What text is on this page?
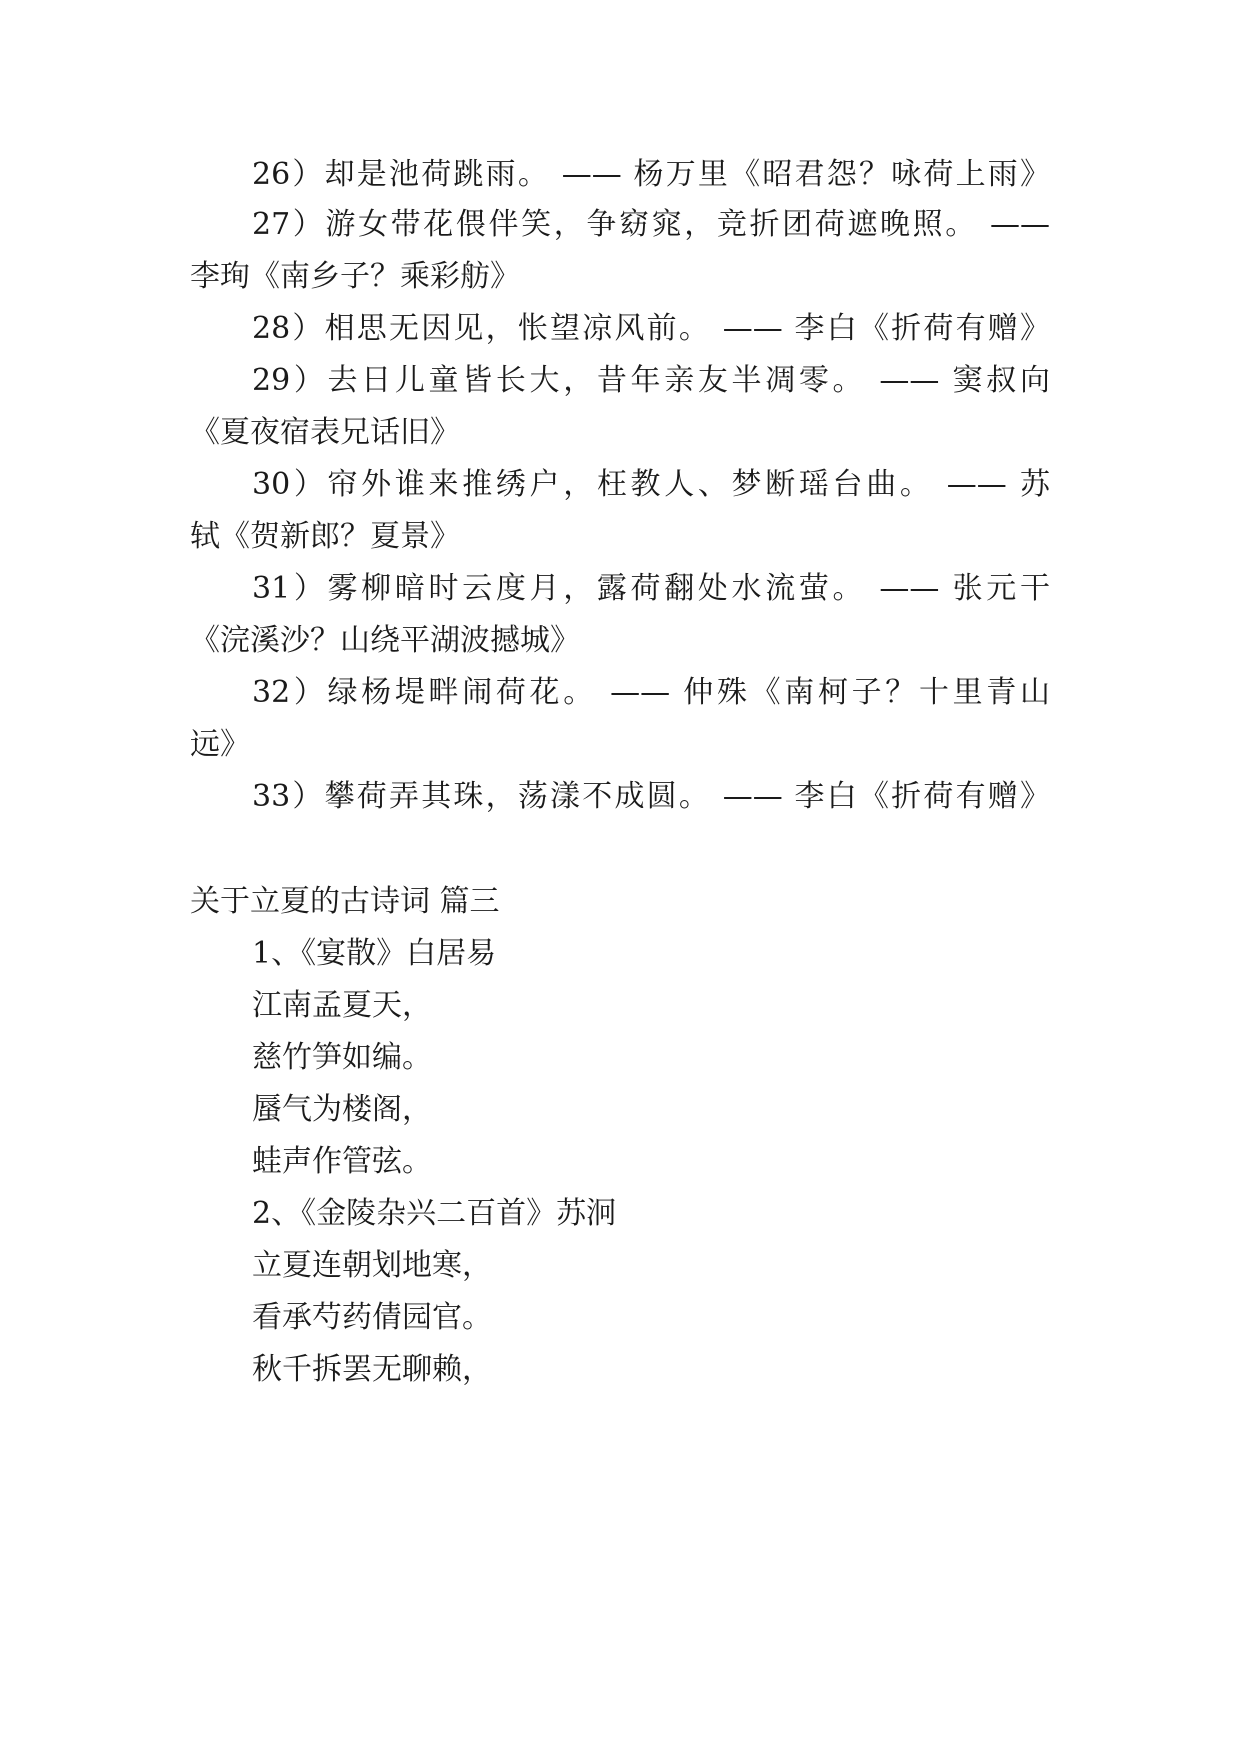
26）却是池荷跳雨。 —— 杨万里《昭君怨？咏荷上雨》
27）游女带花偎伴笑，争窈窕，竞折团荷遮晚照。 ——
李珣《南乡子？乘彩舫》
28）相思无因见，怅望凉风前。 —— 李白《折荷有赠》
29）去日儿童皆长大，昔年亲友半凋零。 —— 窦叔向
《夏夜宿表兄话旧》
30）帘外谁来推绣户，枉教人、梦断瑶台曲。 —— 苏
轼《贺新郎？夏景》
31）雾柳暗时云度月，露荷翻处水流萤。 —— 张元干
《浣溪沙？山绕平湖波撼城》
32）绿杨堤畔闹荷花。 —— 仲殊《南柯子？十里青山
远》
33）攀荷弄其珠，荡漾不成圆。 —— 李白《折荷有赠》
关于立夏的古诗词 篇三
1、《宴散》白居易
江南孟夏天，
慈竹笋如编。
蜃气为楼阁，
蛙声作管弦。
2、《金陵杂兴二百首》苏泂
立夏连朝划地寒，
看承芍药倩园官。
秋千拆罢无聊赖，
